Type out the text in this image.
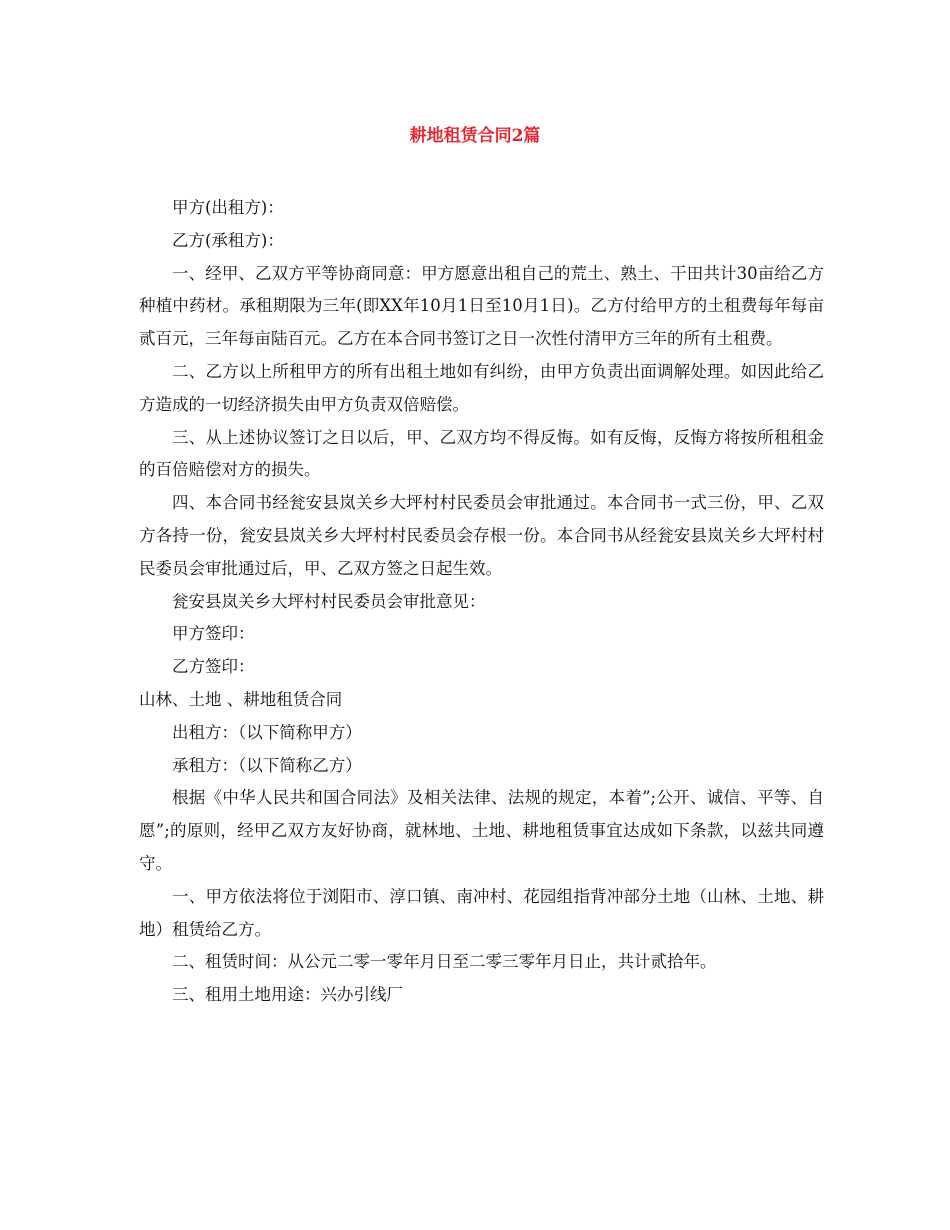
耕地租赁合同2篇

甲方(出租方)：

乙方(承租方)：

一、经甲、乙双方平等协商同意：甲方愿意出租自己的荒土、熟土、干田共计30亩给乙方种植中药材。承租期限为三年(即XX年10月1日至10月1日)。乙方付给甲方的土租费每年每亩贰百元，三年每亩陆百元。乙方在本合同书签订之日一次性付清甲方三年的所有土租费。

二、乙方以上所租甲方的所有出租土地如有纠纷，由甲方负责出面调解处理。如因此给乙方造成的一切经济损失由甲方负责双倍赔偿。

三、从上述协议签订之日以后，甲、乙双方均不得反悔。如有反悔，反悔方将按所租租金的百倍赔偿对方的损失。

四、本合同书经瓮安县岚关乡大坪村村民委员会审批通过。本合同书一式三份，甲、乙双方各持一份，瓮安县岚关乡大坪村村民委员会存根一份。本合同书从经瓮安县岚关乡大坪村村民委员会审批通过后，甲、乙双方签之日起生效。

瓮安县岚关乡大坪村村民委员会审批意见：

甲方签印：

乙方签印：

山林、土地 、耕地租赁合同

出租方：（以下简称甲方）

承租方：（以下简称乙方）

根据《中华人民共和国合同法》及相关法律、法规的规定，本着”;公开、诚信、平等、自愿”;的原则，经甲乙双方友好协商，就林地、土地、耕地租赁事宜达成如下条款，以兹共同遵守。

一、甲方依法将位于浏阳市、淳口镇、南冲村、花园组指背冲部分土地（山林、土地、耕地）租赁给乙方。

二、租赁时间：从公元二零一零年月日至二零三零年月日止，共计贰拾年。

三、租用土地用途：兴办引线厂
